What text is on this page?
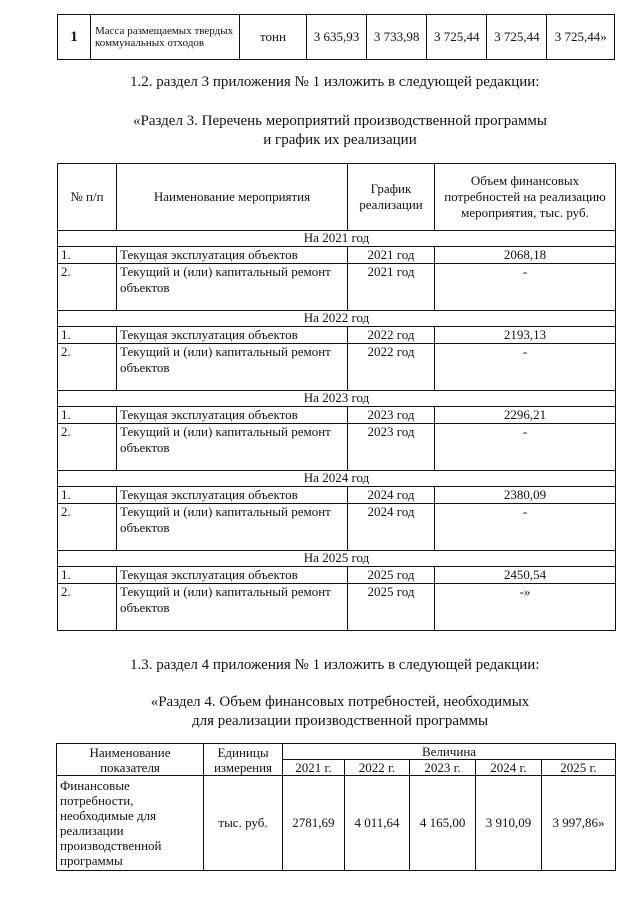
1	Масса размещаемых твердых коммунальных отходов	тонн	3 635,93	3 733,98	3 725,44	3 725,44	3 725,44»
1.2. раздел 3 приложения № 1 изложить в следующей редакции:
«Раздел 3. Перечень мероприятий производственной программы
и график их реализации
№ п/п	Наименование мероприятия	График реализации	Объем финансовых потребностей на реализацию мероприятия, тыс. руб.
На 2021 год			
1.	Текущая эксплуатация объектов	2021 год	2068,18
2.	Текущий и (или) капитальный ремонт объектов	2021 год	-
На 2022 год			
1.	Текущая эксплуатация объектов	2022 год	2193,13
2.	Текущий и (или) капитальный ремонт объектов	2022 год	-
На 2023 год			
1.	Текущая эксплуатация объектов	2023 год	2296,21
2.	Текущий и (или) капитальный ремонт объектов	2023 год	-
На 2024 год			
1.	Текущая эксплуатация объектов	2024 год	2380,09
2.	Текущий и (или) капитальный ремонт объектов	2024 год	-
На 2025 год			
1.	Текущая эксплуатация объектов	2025 год	2450,54
2.	Текущий и (или) капитальный ремонт объектов	2025 год	-»
1.3. раздел 4 приложения № 1 изложить в следующей редакции:
«Раздел 4. Объем финансовых потребностей, необходимых
для реализации производственной программы
Наименование показателя	Единицы измерения	Величина				
		2021 г.	2022 г.	2023 г.	2024 г.	2025 г.
Финансовые потребности, необходимые для реализации производственной программы	тыс. руб.	2781,69	4 011,64	4 165,00	3 910,09	3 997,86»
